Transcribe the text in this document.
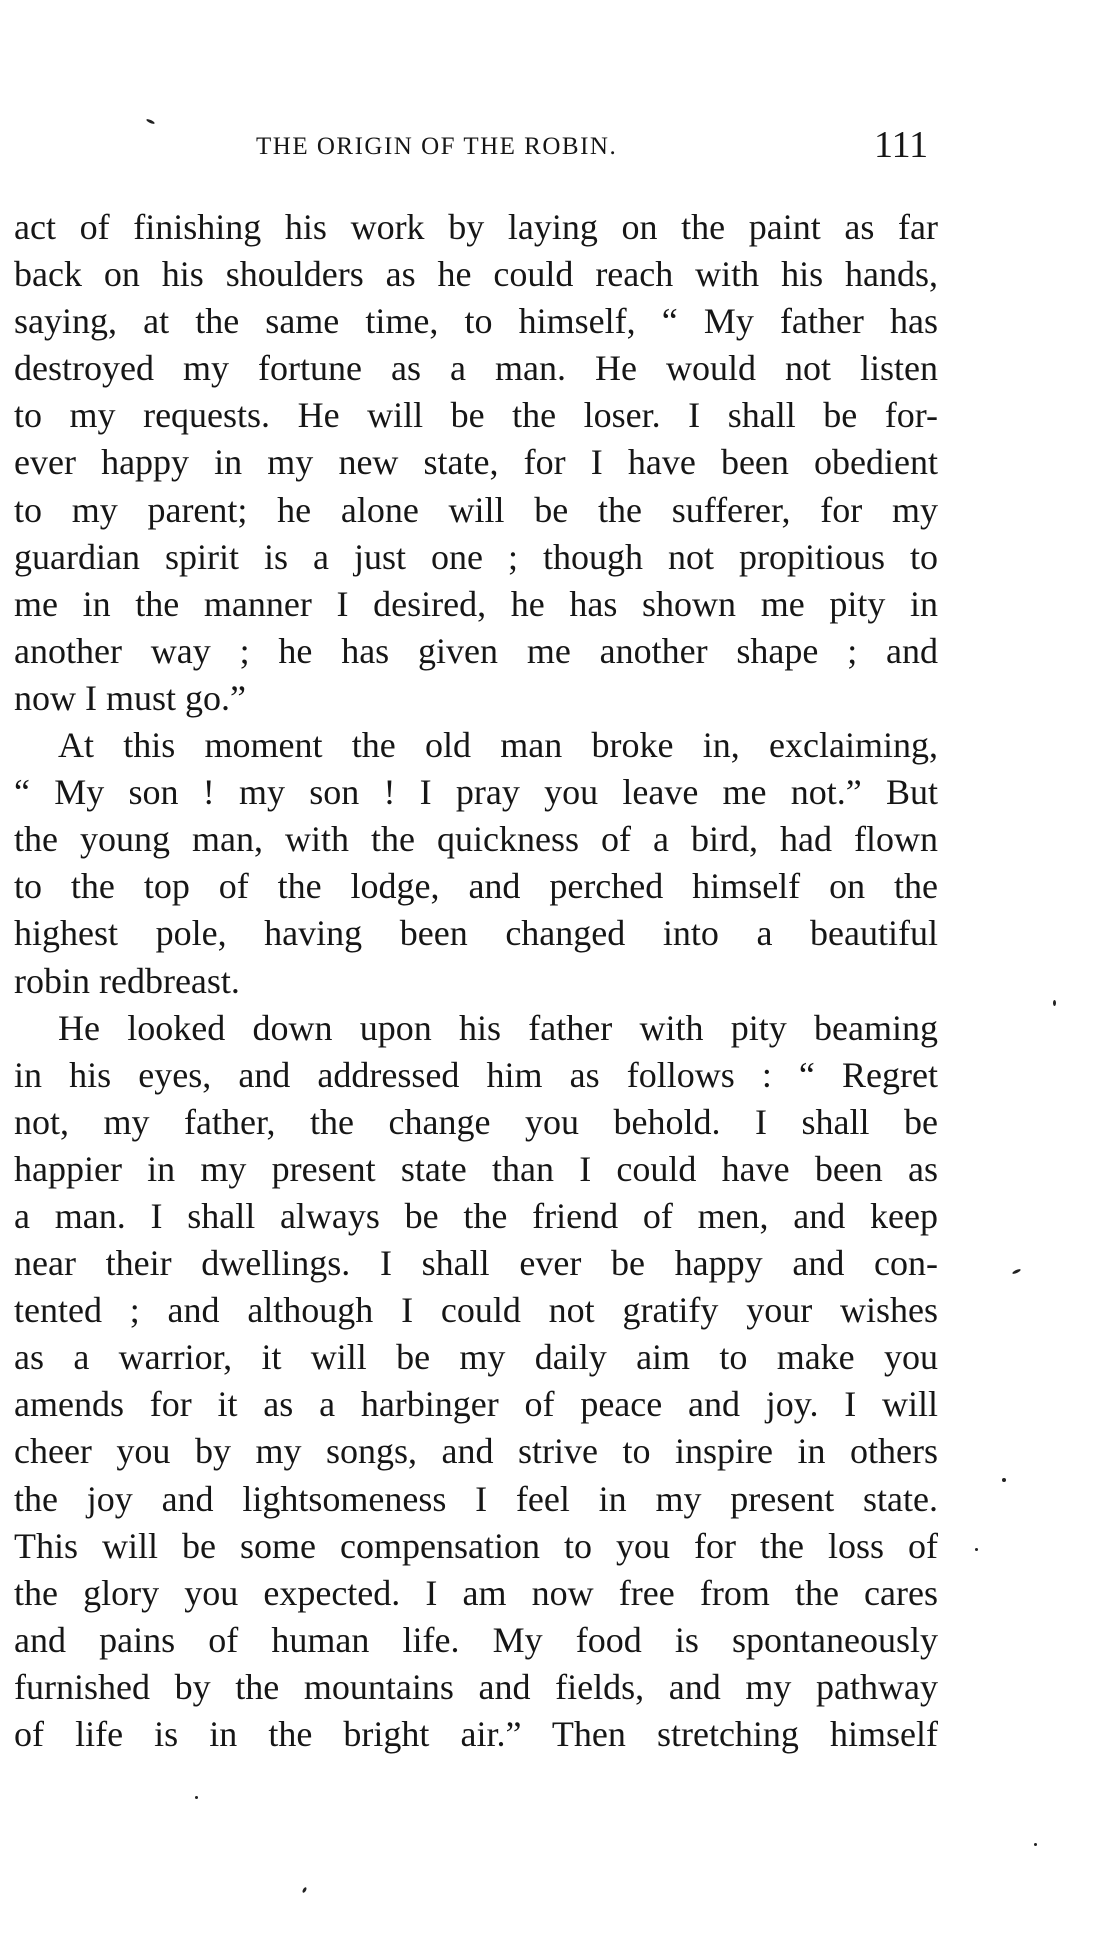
THE ORIGIN OF THE ROBIN.	111
act of finishing his work by laying on the paint as far
back on his shoulders as he could reach with his hands,
saying, at the same time, to himself, “ My father has
destroyed my fortune as a man. He would not listen
to my requests. He will be the loser. I shall be for-
ever happy in my new state, for I have been obedient
to my parent; he alone will be the sufferer, for my
guardian spirit is a just one ; though not propitious to
me in the manner I desired, he has shown me pity in
another way ; he has given me another shape ; and
now I must go.”
At this moment the old man broke in, exclaiming,
“ My son ! my son ! I pray you leave me not.” But
the young man, with the quickness of a bird, had flown
to the top of the lodge, and perched himself on the
highest pole, having been changed into a beautiful
robin redbreast.
He looked down upon his father with pity beaming
in his eyes, and addressed him as follows : “ Regret
not, my father, the change you behold. I shall be
happier in my present state than I could have been as
a man. I shall always be the friend of men, and keep
near their dwellings. I shall ever be happy and con-
tented ; and although I could not gratify your wishes
as a warrior, it will be my daily aim to make you
amends for it as a harbinger of peace and joy. I will
cheer you by my songs, and strive to inspire in others
the joy and lightsomeness I feel in my present state.
This will be some compensation to you for the loss of
the glory you expected. I am now free from the cares
and pains of human life. My food is spontaneously
furnished by the mountains and fields, and my pathway
of life is in the bright air.” Then stretching himself
